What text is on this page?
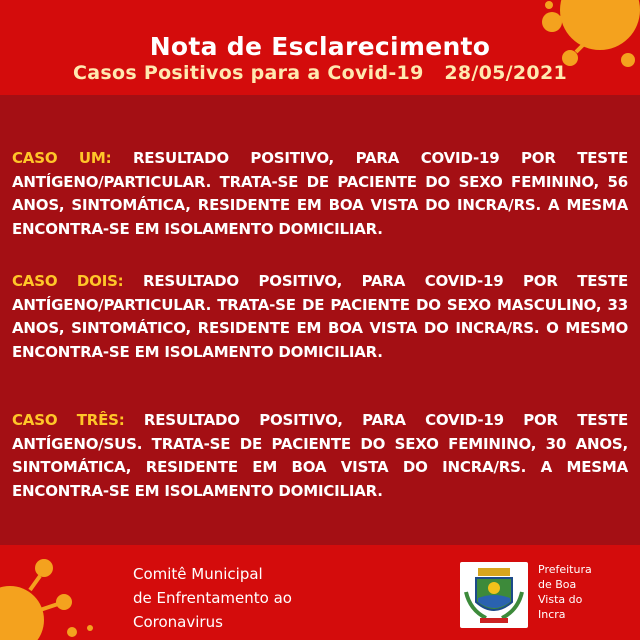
Nota de Esclarecimento
Casos Positivos para a Covid-19   28/05/2021
CASO UM: RESULTADO POSITIVO, PARA COVID-19 POR TESTE ANTÍGENO/PARTICULAR. TRATA-SE DE PACIENTE DO SEXO FEMININO, 56 ANOS, SINTOMÁTICA, RESIDENTE EM BOA VISTA DO INCRA/RS. A MESMA ENCONTRA-SE EM ISOLAMENTO DOMICILIAR.
CASO DOIS: RESULTADO POSITIVO, PARA COVID-19 POR TESTE ANTÍGENO/PARTICULAR. TRATA-SE DE PACIENTE DO SEXO MASCULINO, 33 ANOS, SINTOMÁTICO, RESIDENTE EM BOA VISTA DO INCRA/RS. O MESMO ENCONTRA-SE EM ISOLAMENTO DOMICILIAR.
CASO TRÊS: RESULTADO POSITIVO, PARA COVID-19 POR TESTE ANTÍGENO/SUS. TRATA-SE DE PACIENTE DO SEXO FEMININO, 30 ANOS, SINTOMÁTICA, RESIDENTE EM BOA VISTA DO INCRA/RS. A MESMA ENCONTRA-SE EM ISOLAMENTO DOMICILIAR.
Comitê Municipal
de Enfrentamento ao
Coronavirus
Prefeitura
de Boa
Vista do
Incra
